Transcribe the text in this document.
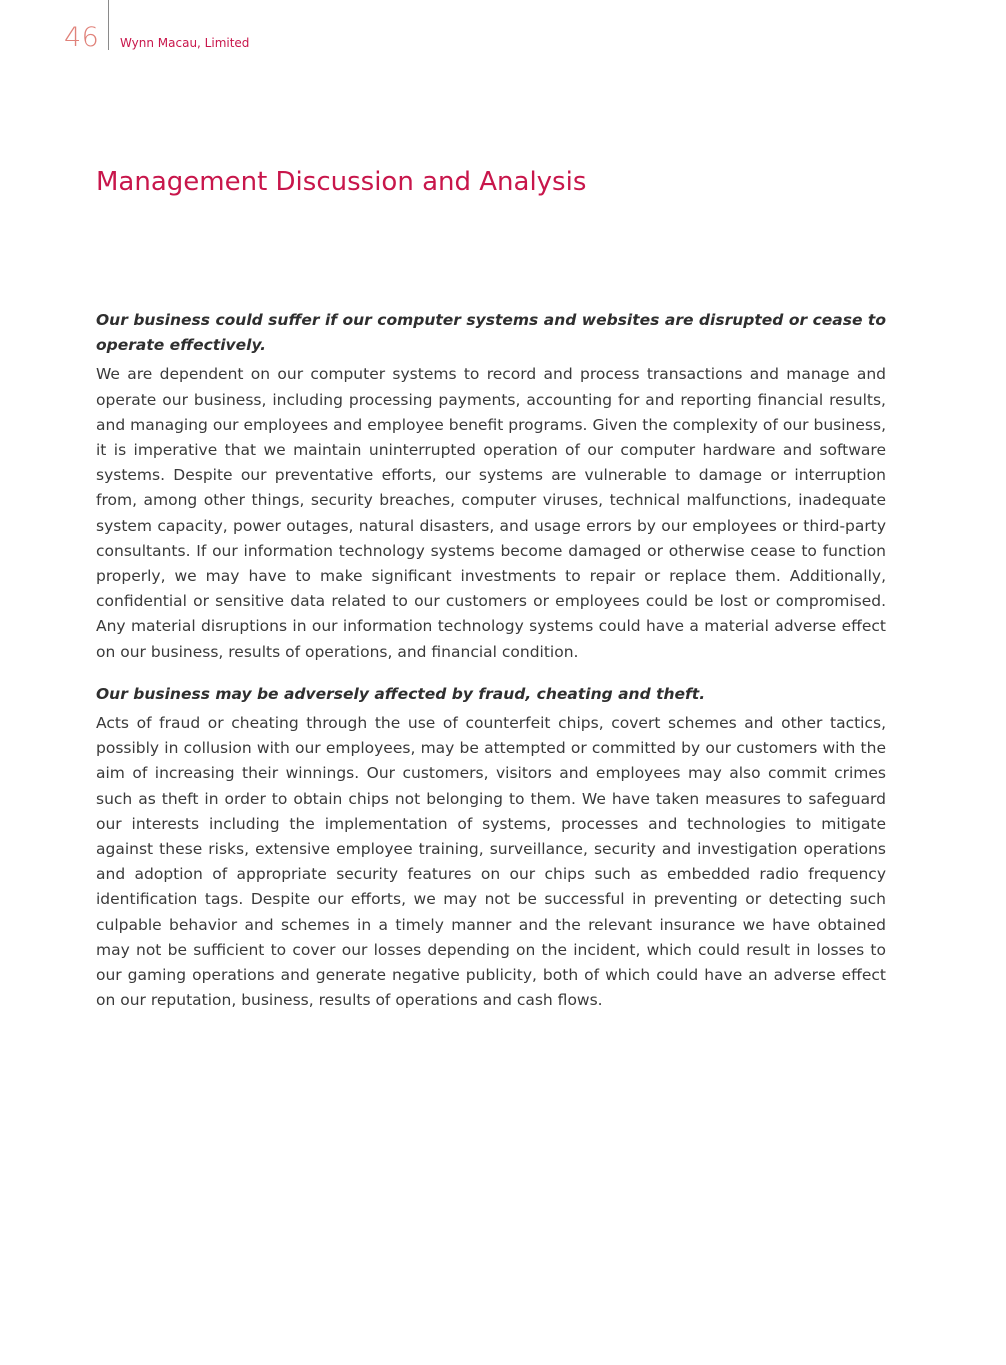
46 Wynn Macau, Limited
Management Discussion and Analysis

Our business could suffer if our computer systems and websites are disrupted or cease to operate effectively.

We are dependent on our computer systems to record and process transactions and manage and operate our business, including processing payments, accounting for and reporting financial results, and managing our employees and employee benefit programs. Given the complexity of our business, it is imperative that we maintain uninterrupted operation of our computer hardware and software systems. Despite our preventative efforts, our systems are vulnerable to damage or interruption from, among other things, security breaches, computer viruses, technical malfunctions, inadequate system capacity, power outages, natural disasters, and usage errors by our employees or third-party consultants. If our information technology systems become damaged or otherwise cease to function properly, we may have to make significant investments to repair or replace them. Additionally, confidential or sensitive data related to our customers or employees could be lost or compromised. Any material disruptions in our information technology systems could have a material adverse effect on our business, results of operations, and financial condition.

Our business may be adversely affected by fraud, cheating and theft.

Acts of fraud or cheating through the use of counterfeit chips, covert schemes and other tactics, possibly in collusion with our employees, may be attempted or committed by our customers with the aim of increasing their winnings. Our customers, visitors and employees may also commit crimes such as theft in order to obtain chips not belonging to them. We have taken measures to safeguard our interests including the implementation of systems, processes and technologies to mitigate against these risks, extensive employee training, surveillance, security and investigation operations and adoption of appropriate security features on our chips such as embedded radio frequency identification tags. Despite our efforts, we may not be successful in preventing or detecting such culpable behavior and schemes in a timely manner and the relevant insurance we have obtained may not be sufficient to cover our losses depending on the incident, which could result in losses to our gaming operations and generate negative publicity, both of which could have an adverse effect on our reputation, business, results of operations and cash flows.
